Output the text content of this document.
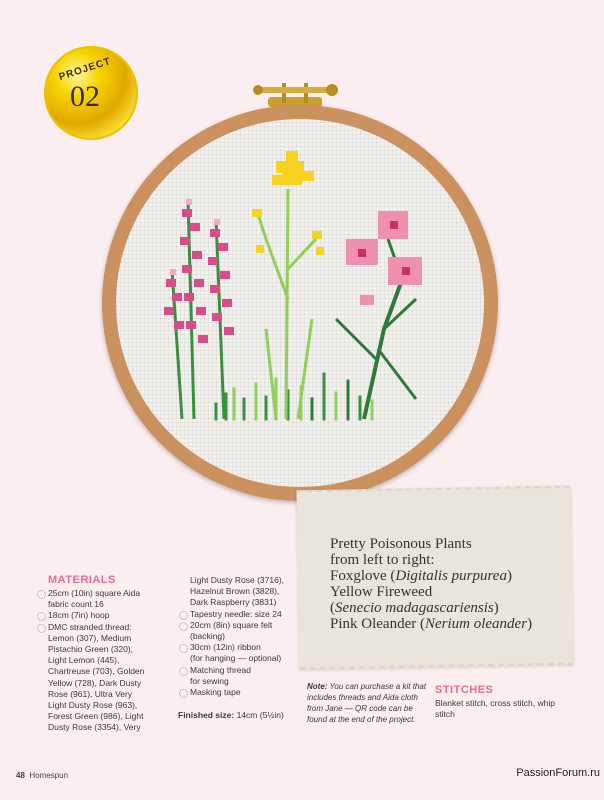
PROJECT
02
Pretty Poisonous Plants
from left to right:
Foxglove (Digitalis purpurea)
Yellow Fireweed
(Senecio madagascariensis)
Pink Oleander (Nerium oleander)
MATERIALS
25cm (10in) square Aida
fabric count 16
18cm (7in) hoop
DMC stranded thread:
Lemon (307), Medium
Pistachio Green (320),
Light Lemon (445),
Chartreuse (703), Golden
Yellow (728), Dark Dusty
Rose (961), Ultra Very
Light Dusty Rose (963),
Forest Green (986), Light
Dusty Rose (3354), Very
Light Dusty Rose (3716),
Hazelnut Brown (3828),
Dark Raspberry (3831)
Tapestry needle: size 24
20cm (8in) square felt
(backing)
30cm (12in) ribbon
(for hanging — optional)
Matching thread
for sewing
Masking tape
Finished size: 14cm (5½in)
Note: You can purchase a kit that includes threads and Aida cloth from Jane — QR code can be found at the end of the project.
STITCHES
Blanket stitch, cross stitch, whip stitch
48 Homespun	PassionForum.ru
